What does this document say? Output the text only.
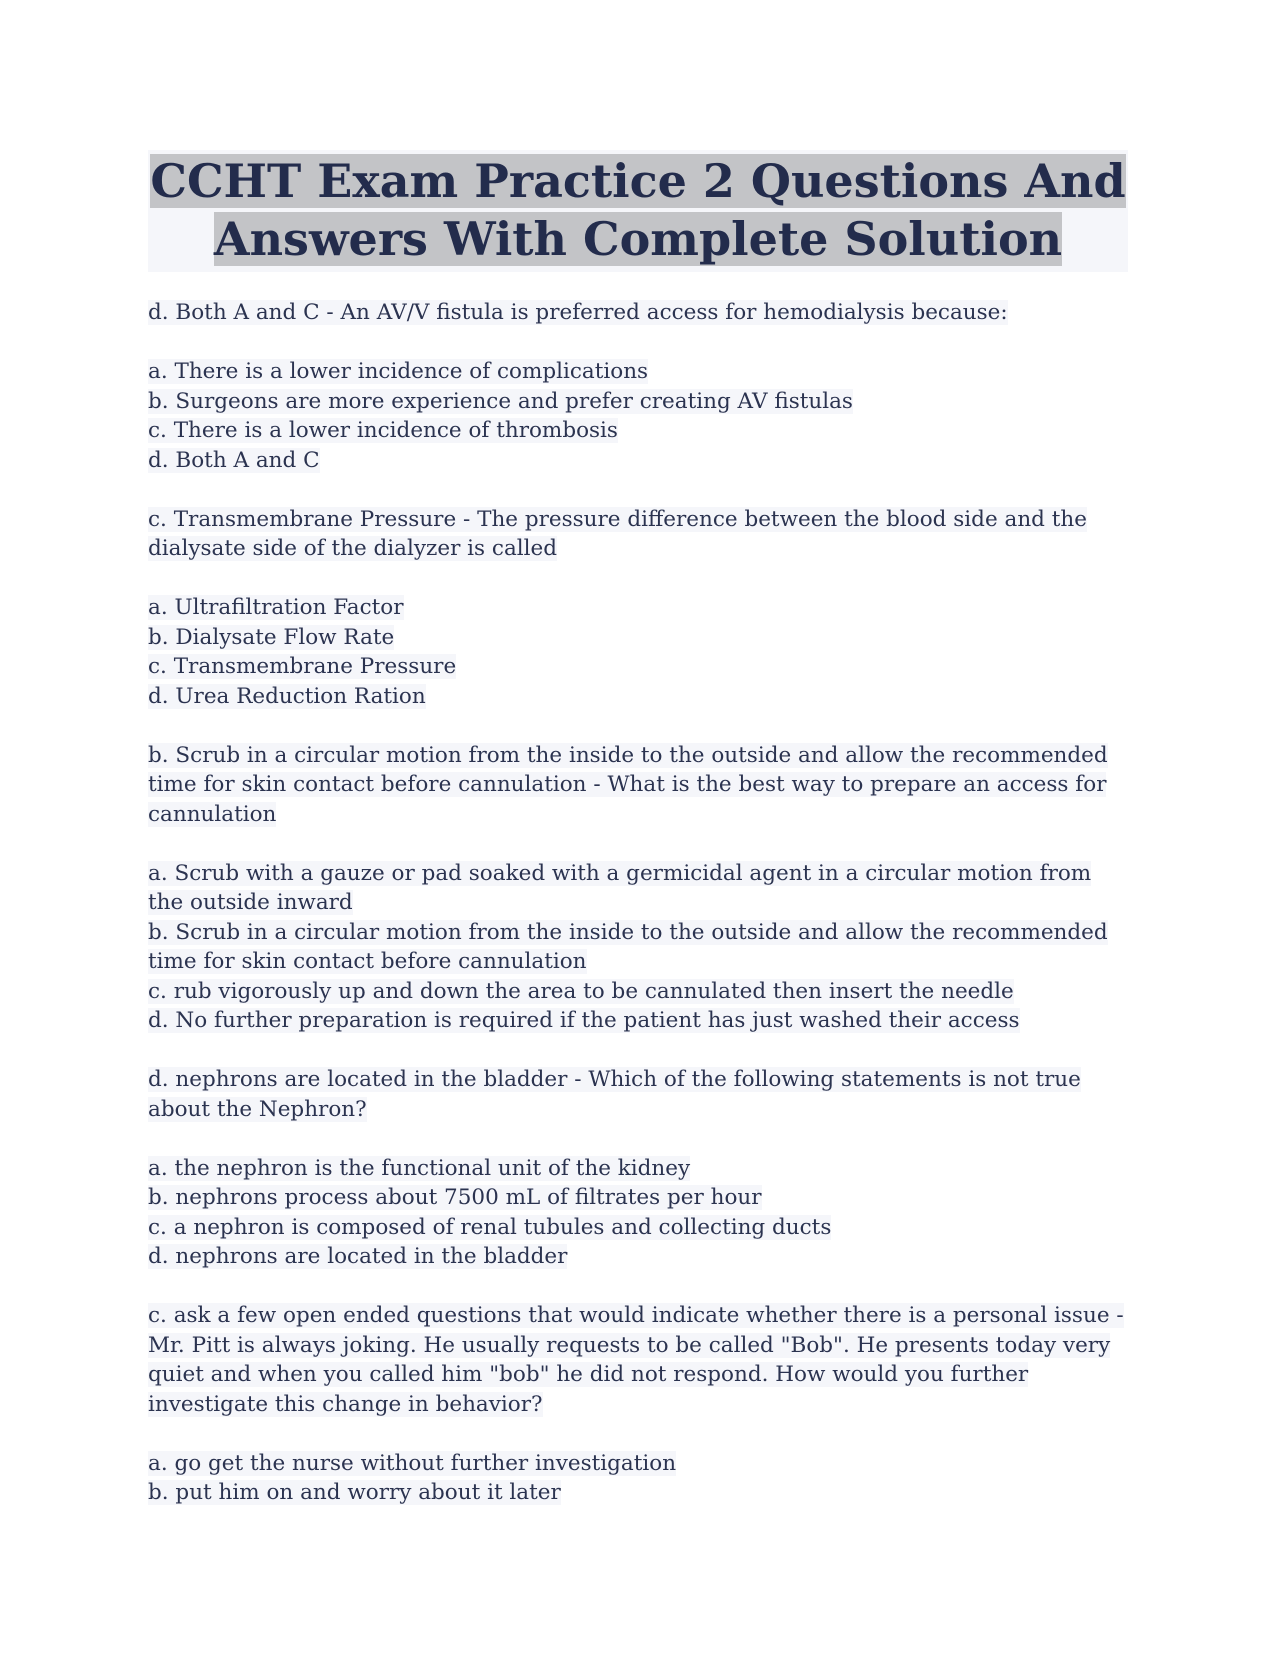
CCHT Exam Practice 2 Questions And
Answers With Complete Solution
d. Both A and C - An AV/V fistula is preferred access for hemodialysis because:
a. There is a lower incidence of complications
b. Surgeons are more experience and prefer creating AV fistulas
c. There is a lower incidence of thrombosis
d. Both A and C
c. Transmembrane Pressure - The pressure difference between the blood side and the dialysate side of the dialyzer is called
a. Ultrafiltration Factor
b. Dialysate Flow Rate
c. Transmembrane Pressure
d. Urea Reduction Ration
b. Scrub in a circular motion from the inside to the outside and allow the recommended time for skin contact before cannulation - What is the best way to prepare an access for cannulation
a. Scrub with a gauze or pad soaked with a germicidal agent in a circular motion from the outside inward
b. Scrub in a circular motion from the inside to the outside and allow the recommended time for skin contact before cannulation
c. rub vigorously up and down the area to be cannulated then insert the needle
d. No further preparation is required if the patient has just washed their access
d. nephrons are located in the bladder - Which of the following statements is not true about the Nephron?
a. the nephron is the functional unit of the kidney
b. nephrons process about 7500 mL of filtrates per hour
c. a nephron is composed of renal tubules and collecting ducts
d. nephrons are located in the bladder
c. ask a few open ended questions that would indicate whether there is a personal issue - Mr. Pitt is always joking. He usually requests to be called "Bob". He presents today very quiet and when you called him "bob" he did not respond. How would you further investigate this change in behavior?
a. go get the nurse without further investigation
b. put him on and worry about it later
